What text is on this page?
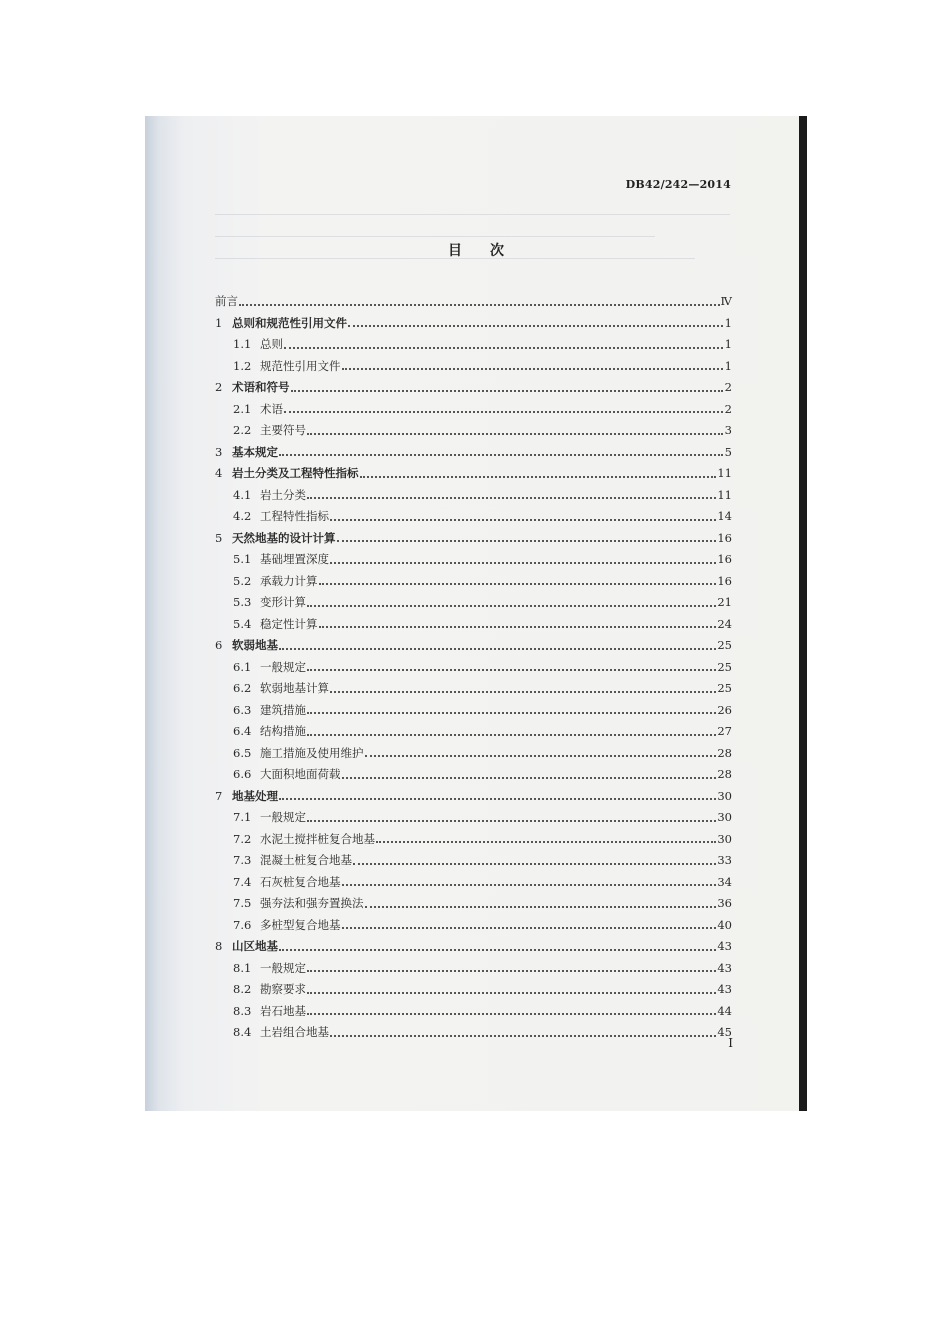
DB42/242—2014
目 次
前言	Ⅳ
1 总则和规范性引用文件	1
1.1 总则	1
1.2 规范性引用文件	1
2 术语和符号	2
2.1 术语	2
2.2 主要符号	3
3 基本规定	5
4 岩土分类及工程特性指标	11
4.1 岩土分类	11
4.2 工程特性指标	14
5 天然地基的设计计算	16
5.1 基础埋置深度	16
5.2 承载力计算	16
5.3 变形计算	21
5.4 稳定性计算	24
6 软弱地基	25
6.1 一般规定	25
6.2 软弱地基计算	25
6.3 建筑措施	26
6.4 结构措施	27
6.5 施工措施及使用维护	28
6.6 大面积地面荷载	28
7 地基处理	30
7.1 一般规定	30
7.2 水泥土搅拌桩复合地基	30
7.3 混凝土桩复合地基	33
7.4 石灰桩复合地基	34
7.5 强夯法和强夯置换法	36
7.6 多桩型复合地基	40
8 山区地基	43
8.1 一般规定	43
8.2 勘察要求	43
8.3 岩石地基	44
8.4 土岩组合地基	45
I
